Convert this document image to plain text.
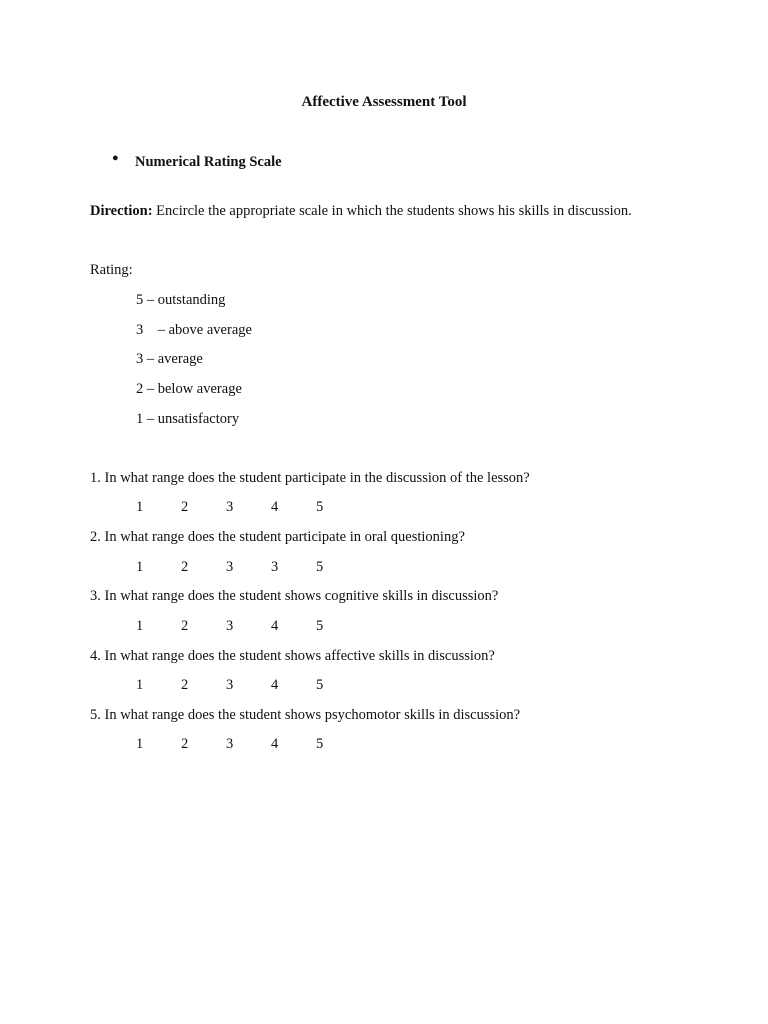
Affective Assessment Tool
● Numerical Rating Scale
Direction: Encircle the appropriate scale in which the students shows his skills in discussion.
Rating:
5 – outstanding
3    – above average
3 – average
2 – below average
1 – unsatisfactory
1. In what range does the student participate in the discussion of the lesson?
1	2	3	4	5
2. In what range does the student participate in oral questioning?
1	2	3	3	5
3. In what range does the student shows cognitive skills in discussion?
1	2	3	4	5
4. In what range does the student shows affective skills in discussion?
1	2	3	4	5
5. In what range does the student shows psychomotor skills in discussion?
1	2	3	4	5
